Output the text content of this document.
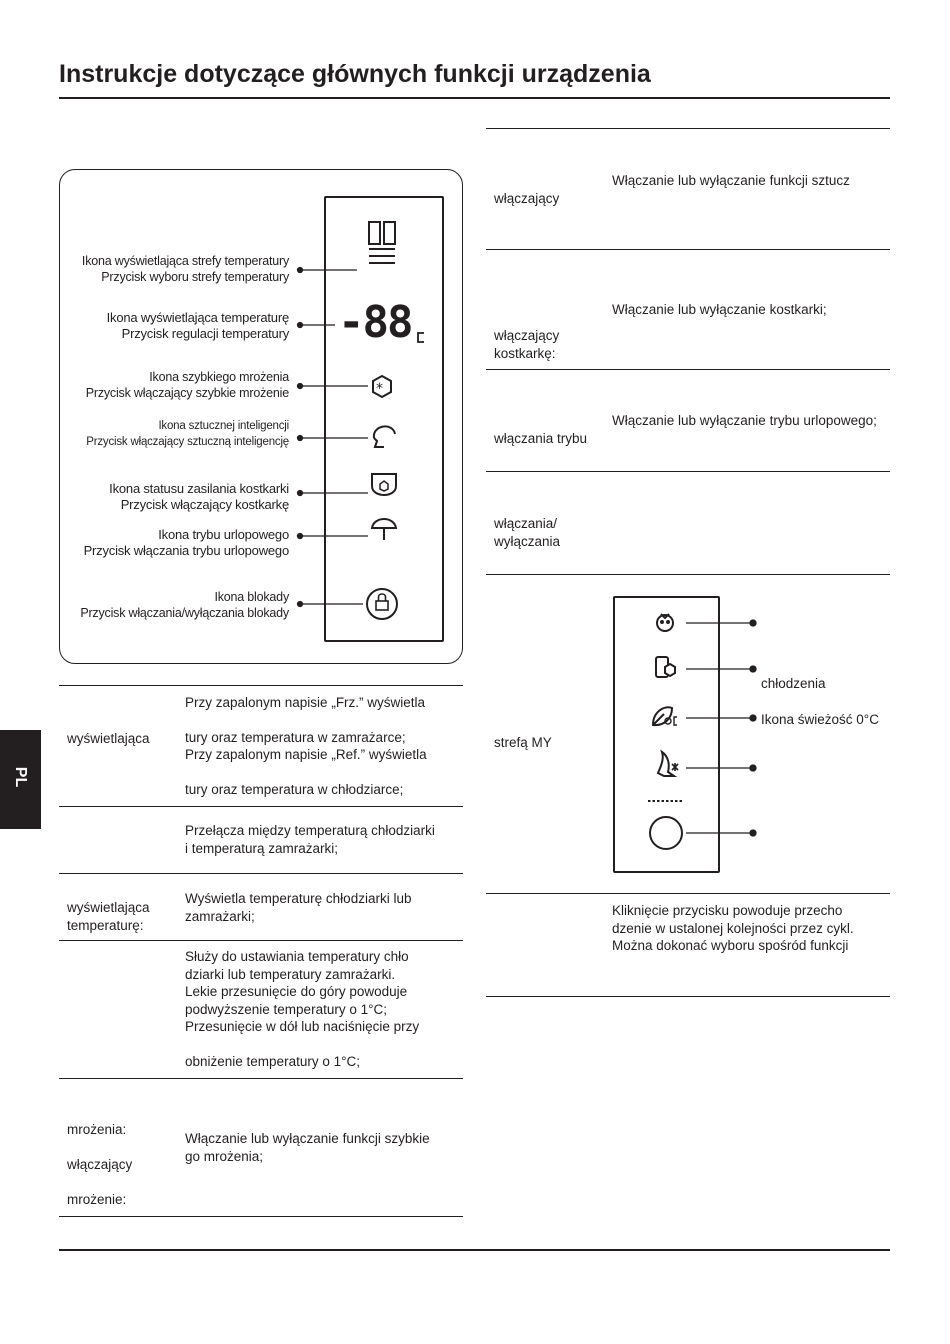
Instrukcje dotyczące głównych funkcji urządzenia
PL
Ikona wyświetlająca strefy temperatury
Przycisk wyboru strefy temperatury
Ikona wyświetlająca temperaturę
Przycisk regulacji temperatury
Ikona szybkiego mrożenia
Przycisk włączający szybkie mrożenie
Ikona sztucznej inteligencji
Przycisk włączający sztuczną inteligencję
Ikona statusu zasilania kostkarki
Przycisk włączający kostkarkę
Ikona trybu urlopowego
Przycisk włączania trybu urlopowego
Ikona blokady
Przycisk włączania/wyłączania blokady
-88
*
wyświetlająca
Przy zapalonym napisie „Frz.” wyświetla
tury oraz temperatura w zamrażarce;
Przy zapalonym napisie „Ref.” wyświetla
tury oraz temperatura w chłodziarce;
Przełącza między temperaturą chłodziarki
i temperaturą zamrażarki;
wyświetlająca
temperaturę:
Wyświetla temperaturę chłodziarki lub
zamrażarki;
Służy do ustawiania temperatury chło
dziarki lub temperatury zamrażarki.
Lekie przesunięcie do góry powoduje
podwyższenie temperatury o 1°C;
Przesunięcie w dół lub naciśnięcie przy
obniżenie temperatury o 1°C;
mrożenia:
włączający
mrożenie:
Włączanie lub wyłączanie funkcji szybkie
go mrożenia;
włączający
Włączanie lub wyłączanie funkcji sztucz
włączający
kostkarkę:
Włączanie lub wyłączanie kostkarki;
włączania trybu
Włączanie lub wyłączanie trybu urlopowego;
włączania/
wyłączania
strefą MY
chłodzenia
Ikona świeżość 0°C
Kliknięcie przycisku powoduje przecho
dzenie w ustalonej kolejności przez cykl.
Można dokonać wyboru spośród funkcji
